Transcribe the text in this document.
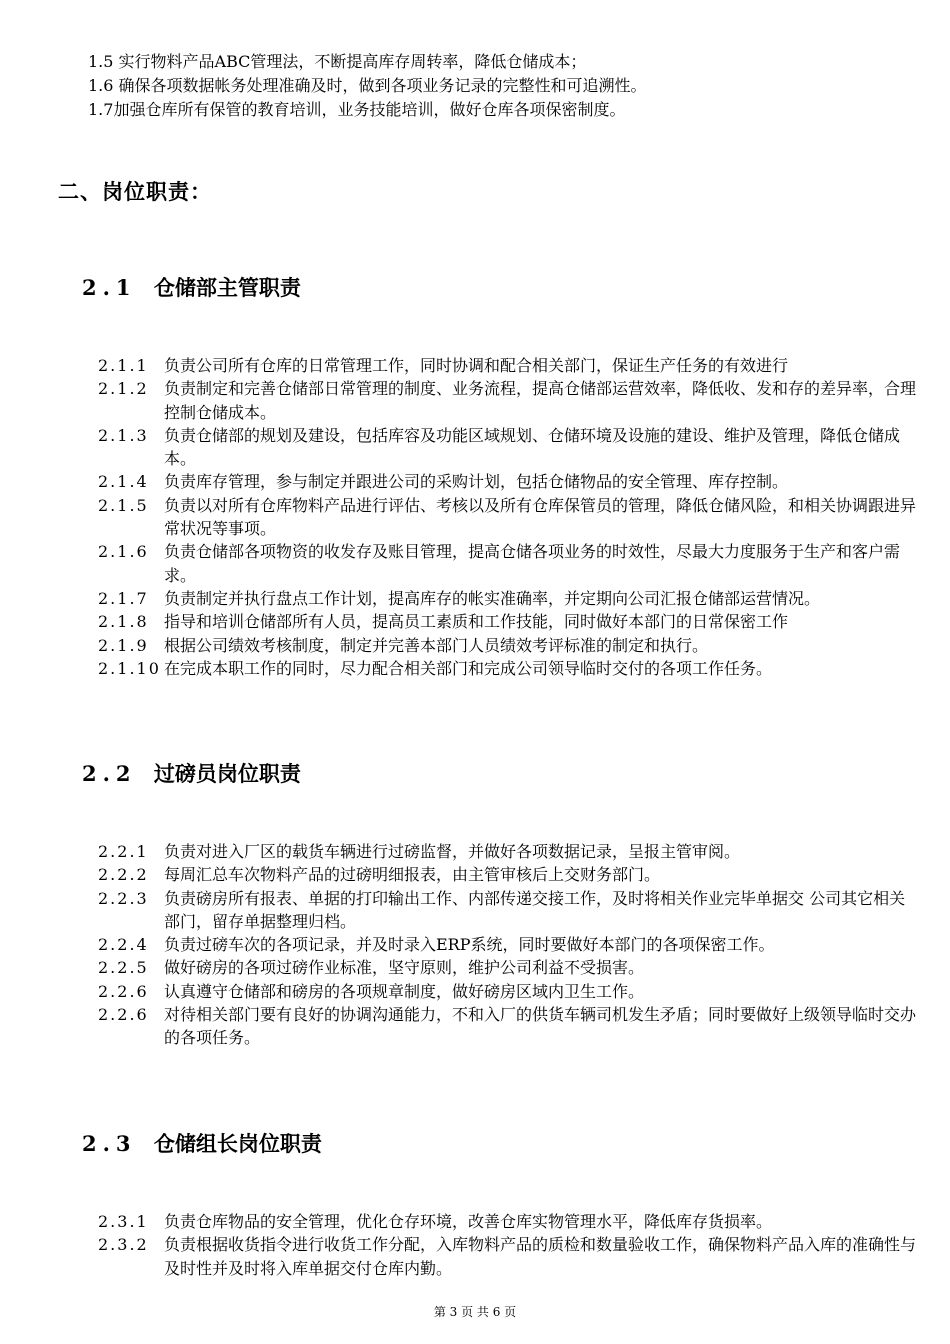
1.5 实行物料产品ABC管理法，不断提高库存周转率，降低仓储成本；
1.6 确保各项数据帐务处理准确及时，做到各项业务记录的完整性和可追溯性。
1.7加强仓库所有保管的教育培训，业务技能培训，做好仓库各项保密制度。
二、岗位职责：
2.1 仓储部主管职责
2.1.1 负责公司所有仓库的日常管理工作，同时协调和配合相关部门，保证生产任务的有效进行
2.1.2 负责制定和完善仓储部日常管理的制度、业务流程，提高仓储部运营效率，降低收、发和存的差异率，合理控制仓储成本。
2.1.3 负责仓储部的规划及建设，包括库容及功能区域规划、仓储环境及设施的建设、维护及管理，降低仓储成本。
2.1.4 负责库存管理，参与制定并跟进公司的采购计划，包括仓储物品的安全管理、库存控制。
2.1.5 负责以对所有仓库物料产品进行评估、考核以及所有仓库保管员的管理，降低仓储风险，和相关协调跟进异常状况等事项。
2.1.6 负责仓储部各项物资的收发存及账目管理，提高仓储各项业务的时效性，尽最大力度服务于生产和客户需求。
2.1.7 负责制定并执行盘点工作计划，提高库存的帐实准确率，并定期向公司汇报仓储部运营情况。
2.1.8 指导和培训仓储部所有人员，提高员工素质和工作技能，同时做好本部门的日常保密工作
2.1.9 根据公司绩效考核制度，制定并完善本部门人员绩效考评标准的制定和执行。
2.1.10 在完成本职工作的同时，尽力配合相关部门和完成公司领导临时交付的各项工作任务。
2.2 过磅员岗位职责
2.2.1 负责对进入厂区的载货车辆进行过磅监督，并做好各项数据记录，呈报主管审阅。
2.2.2 每周汇总车次物料产品的过磅明细报表，由主管审核后上交财务部门。
2.2.3 负责磅房所有报表、单据的打印输出工作、内部传递交接工作，及时将相关作业完毕单据交 公司其它相关部门，留存单据整理归档。
2.2.4 负责过磅车次的各项记录，并及时录入ERP系统，同时要做好本部门的各项保密工作。
2.2.5 做好磅房的各项过磅作业标准，坚守原则，维护公司利益不受损害。
2.2.6 认真遵守仓储部和磅房的各项规章制度，做好磅房区域内卫生工作。
2.2.6 对待相关部门要有良好的协调沟通能力，不和入厂的供货车辆司机发生矛盾；同时要做好上级领导临时交办的各项任务。
2.3 仓储组长岗位职责
2.3.1 负责仓库物品的安全管理，优化仓存环境，改善仓库实物管理水平，降低库存货损率。
2.3.2 负责根据收货指令进行收货工作分配，入库物料产品的质检和数量验收工作，确保物料产品入库的准确性与及时性并及时将入库单据交付仓库内勤。
第 3 页 共 6 页
